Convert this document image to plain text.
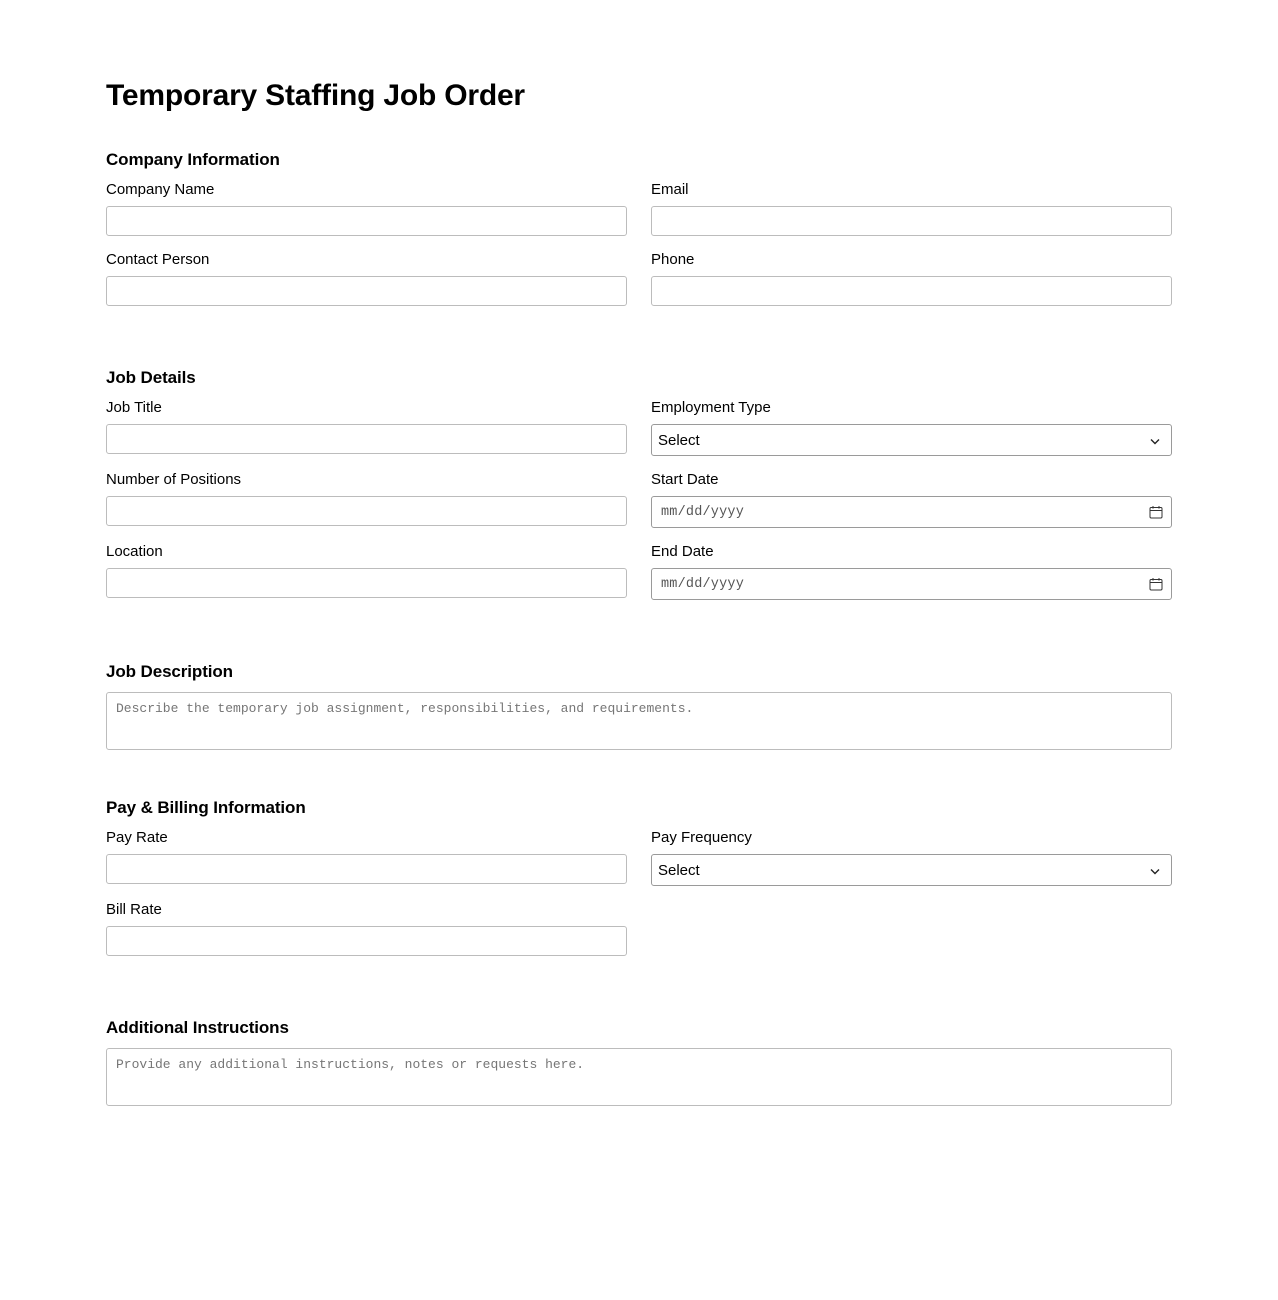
Temporary Staffing Job Order
Company Information
Company Name	Email
Contact Person	Phone
Job Details
Job Title	Employment Type
Select
Number of Positions	Start Date
mm/dd/yyyy
Location	End Date
mm/dd/yyyy
Job Description
Describe the temporary job assignment, responsibilities, and requirements.
Pay & Billing Information
Pay Rate	Pay Frequency
Select
Bill Rate
Additional Instructions
Provide any additional instructions, notes or requests here.
